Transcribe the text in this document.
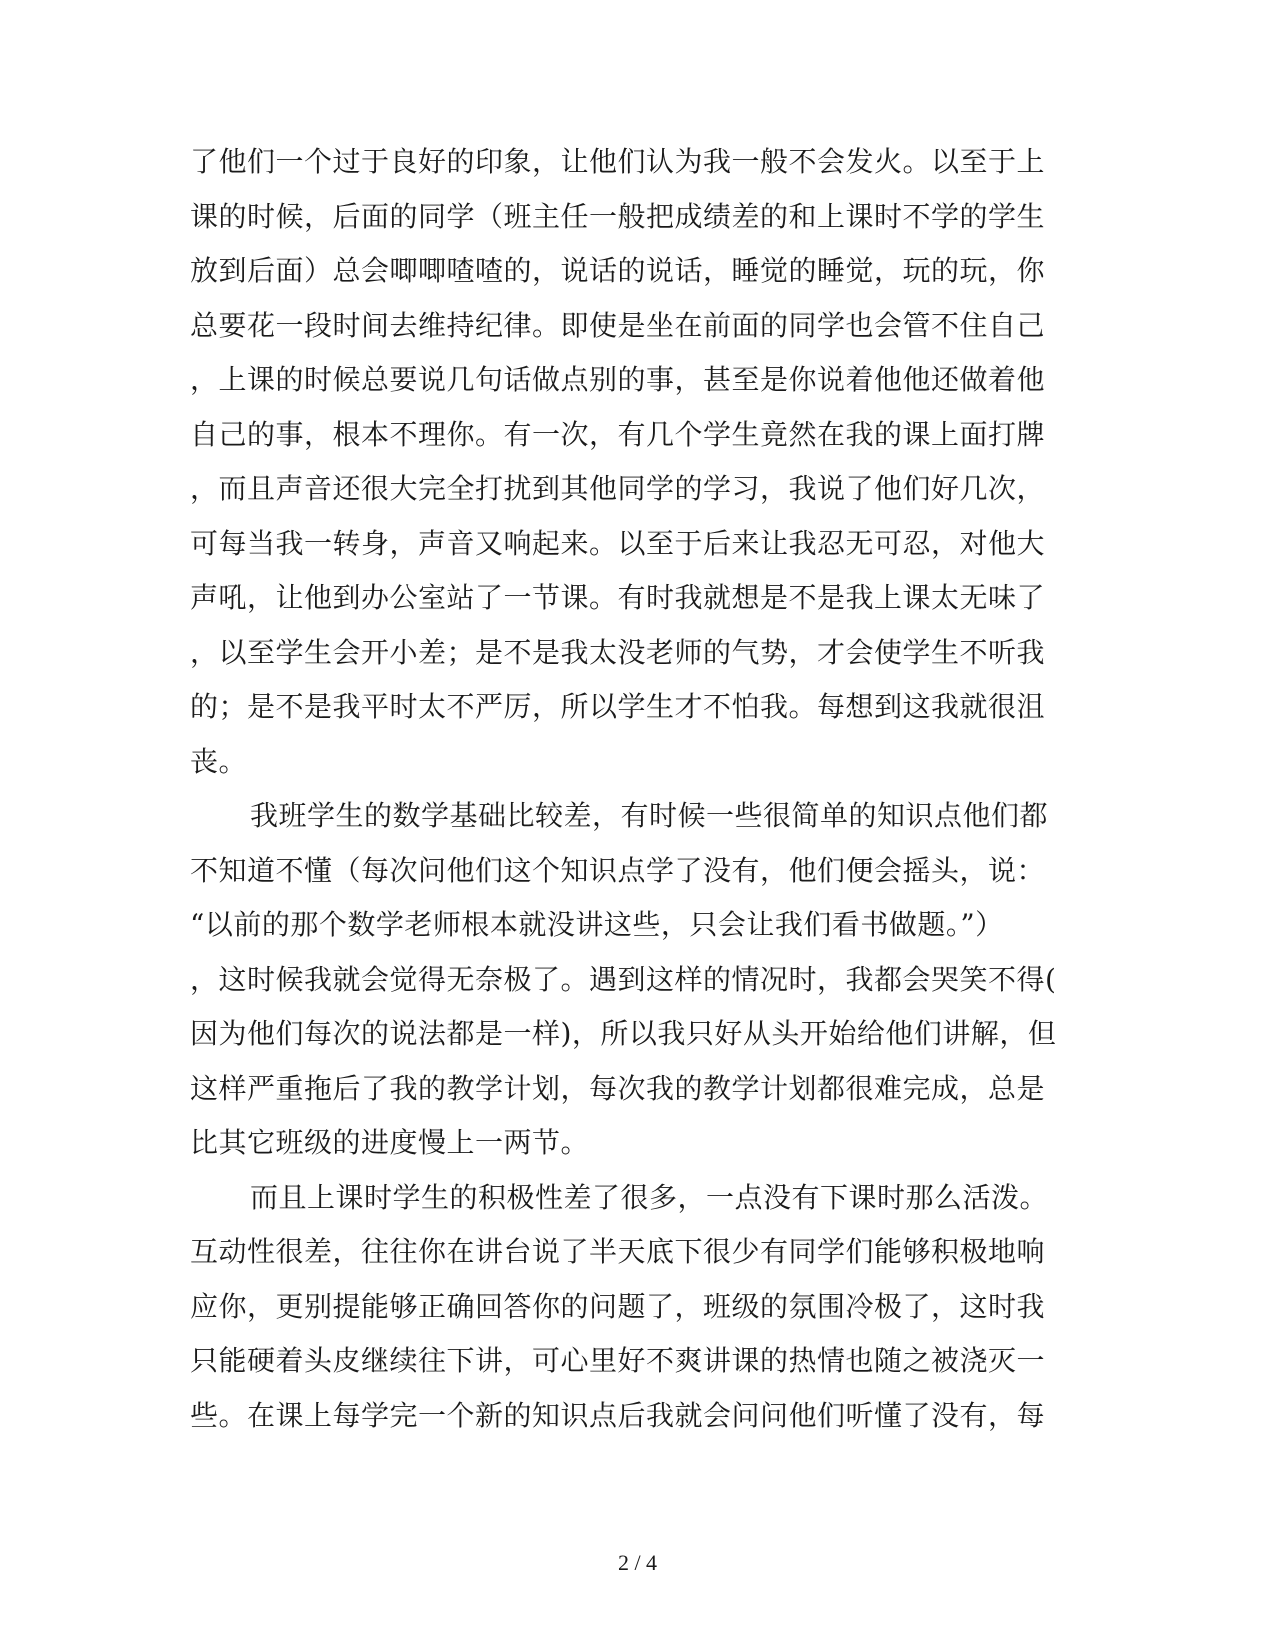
了他们一个过于良好的印象，让他们认为我一般不会发火。以至于上
课的时候，后面的同学（班主任一般把成绩差的和上课时不学的学生
放到后面）总会唧唧喳喳的，说话的说话，睡觉的睡觉，玩的玩，你
总要花一段时间去维持纪律。即使是坐在前面的同学也会管不住自己
，上课的时候总要说几句话做点别的事，甚至是你说着他他还做着他
自己的事，根本不理你。有一次，有几个学生竟然在我的课上面打牌
，而且声音还很大完全打扰到其他同学的学习，我说了他们好几次，
可每当我一转身，声音又响起来。以至于后来让我忍无可忍，对他大
声吼，让他到办公室站了一节课。有时我就想是不是我上课太无味了
，以至学生会开小差；是不是我太没老师的气势，才会使学生不听我
的；是不是我平时太不严厉，所以学生才不怕我。每想到这我就很沮
丧。
我班学生的数学基础比较差，有时候一些很简单的知识点他们都
不知道不懂（每次问他们这个知识点学了没有，他们便会摇头，说：
“以前的那个数学老师根本就没讲这些，只会让我们看书做题。”）
，这时候我就会觉得无奈极了。遇到这样的情况时，我都会哭笑不得(
因为他们每次的说法都是一样)，所以我只好从头开始给他们讲解，但
这样严重拖后了我的教学计划，每次我的教学计划都很难完成，总是
比其它班级的进度慢上一两节。
而且上课时学生的积极性差了很多，一点没有下课时那么活泼。
互动性很差，往往你在讲台说了半天底下很少有同学们能够积极地响
应你，更别提能够正确回答你的问题了，班级的氛围冷极了，这时我
只能硬着头皮继续往下讲，可心里好不爽讲课的热情也随之被浇灭一
些。在课上每学完一个新的知识点后我就会问问他们听懂了没有，每
2 / 4
